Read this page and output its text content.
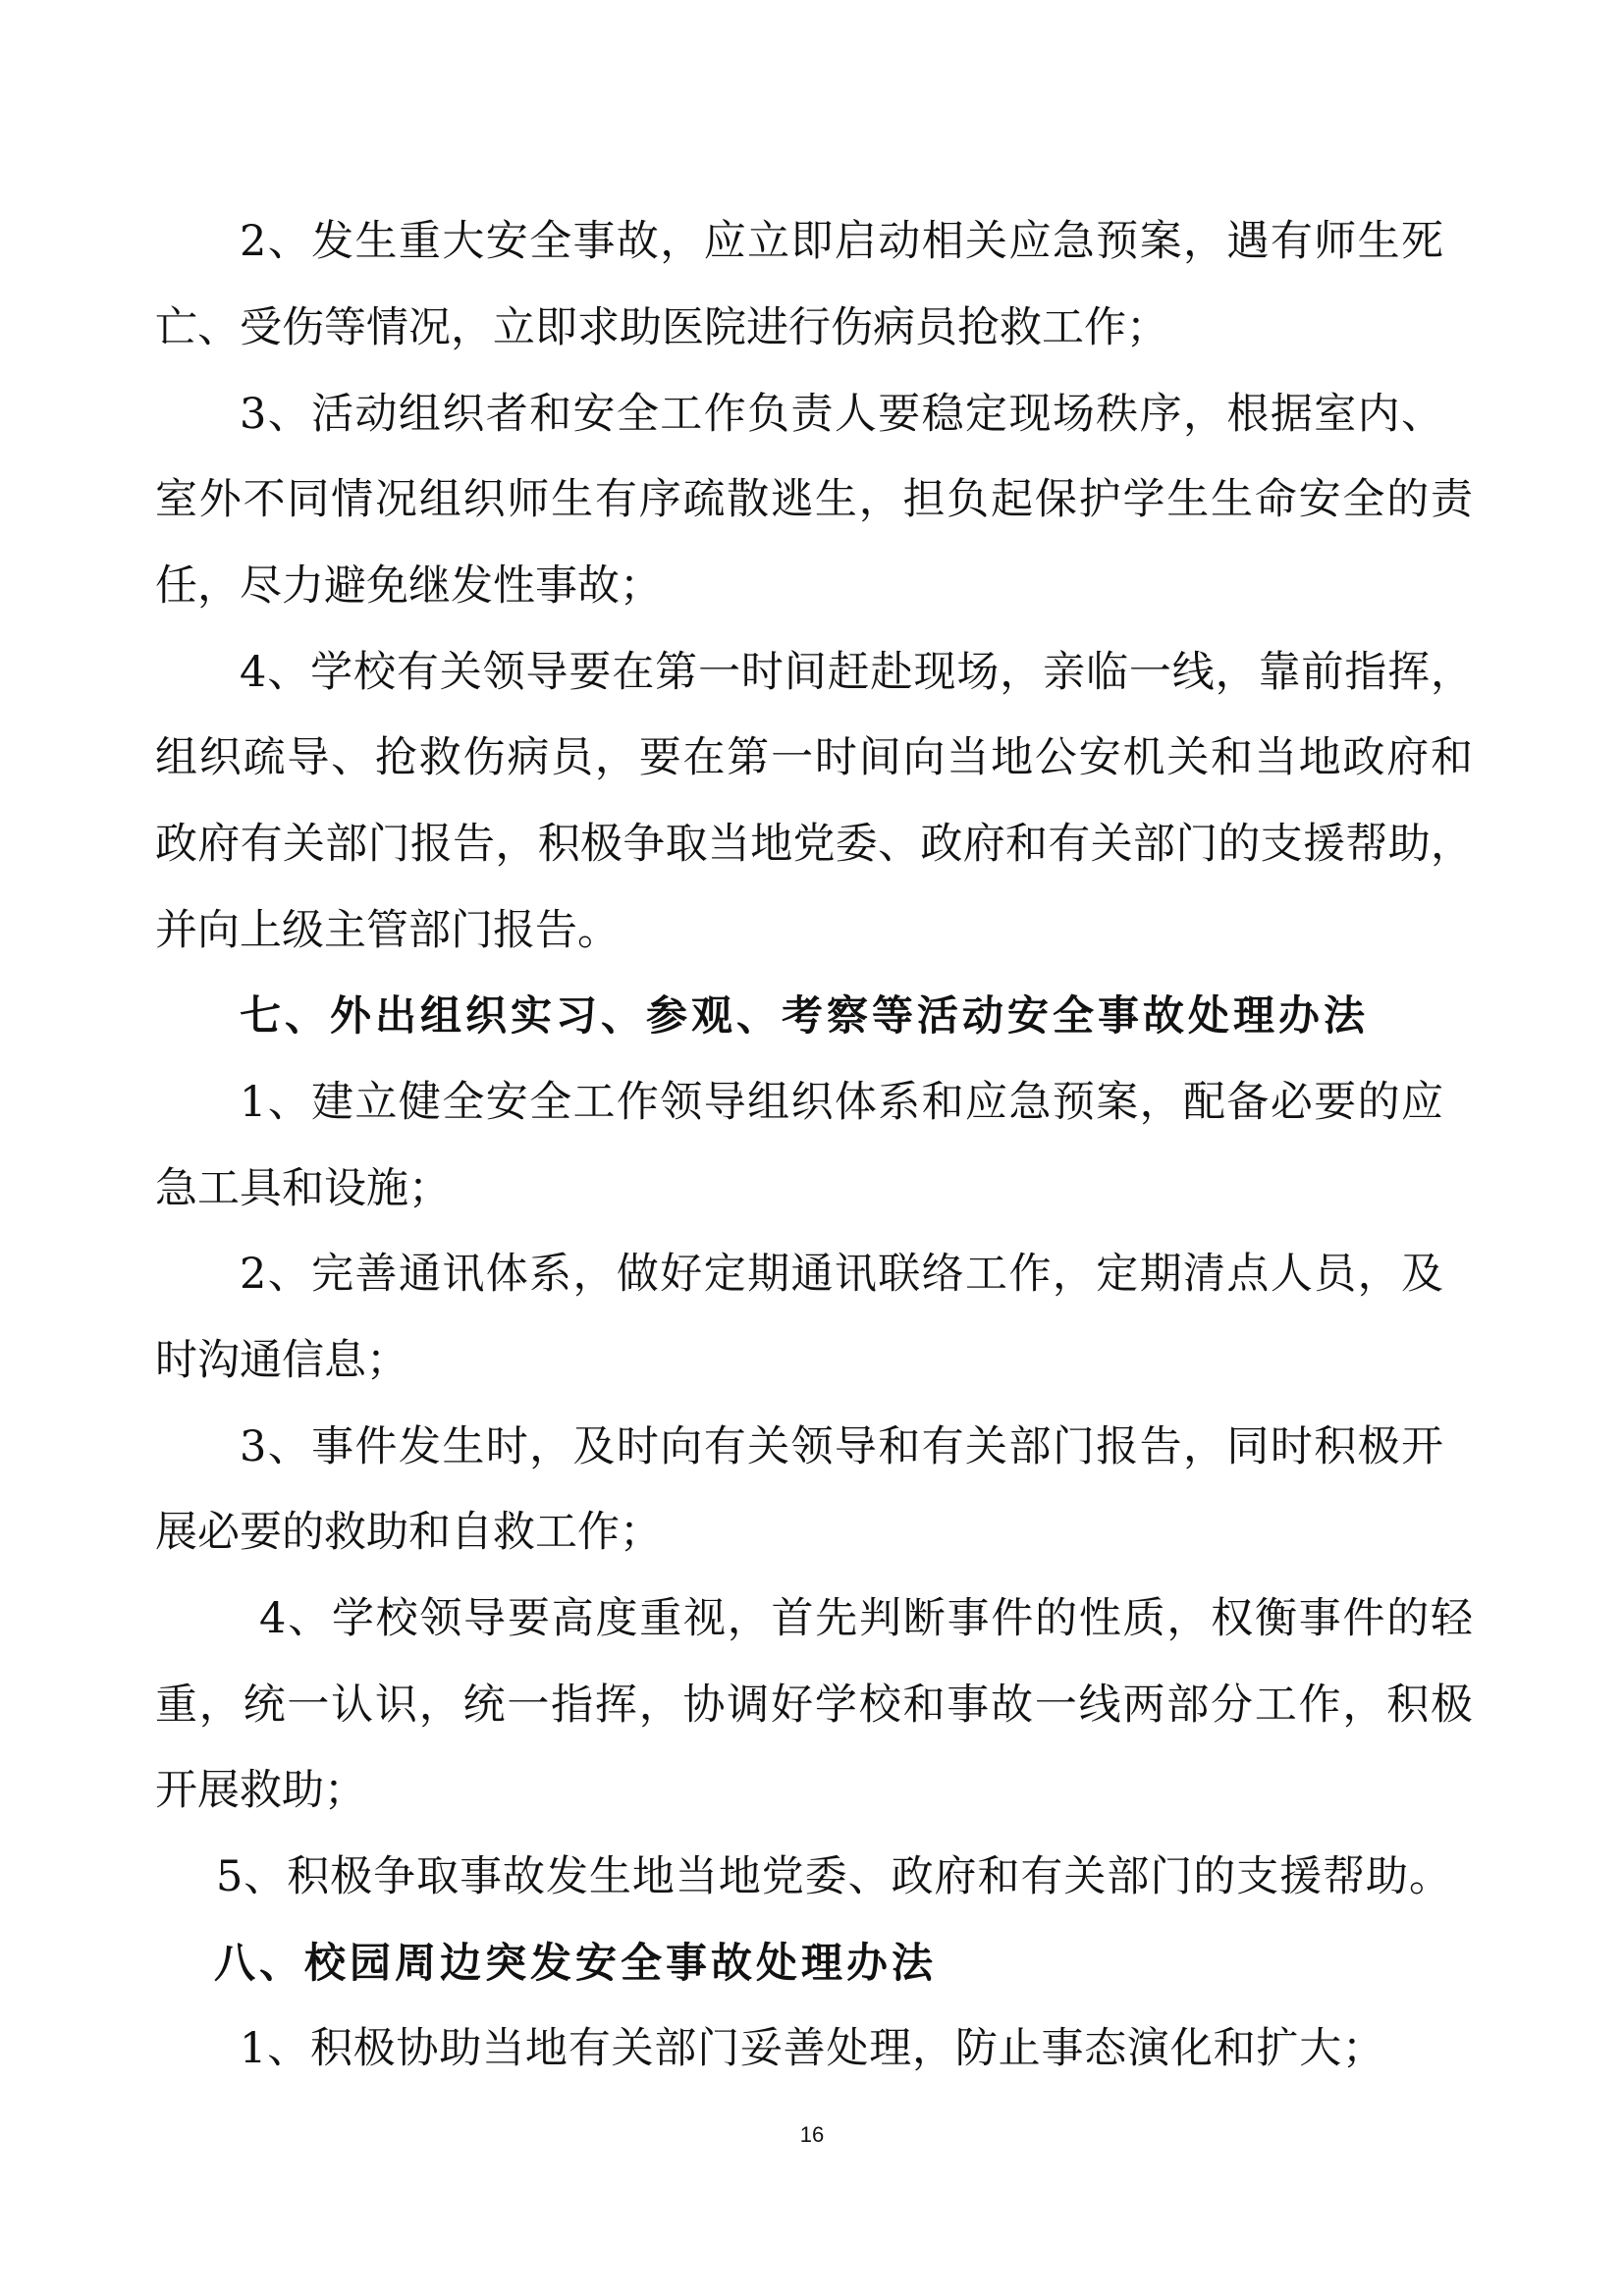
2、发生重大安全事故，应立即启动相关应急预案，遇有师生死
亡、受伤等情况，立即求助医院进行伤病员抢救工作；
3、活动组织者和安全工作负责人要稳定现场秩序，根据室内、
室外不同情况组织师生有序疏散逃生，担负起保护学生生命安全的责
任，尽力避免继发性事故；
4、学校有关领导要在第一时间赶赴现场，亲临一线，靠前指挥，
组织疏导、抢救伤病员，要在第一时间向当地公安机关和当地政府和
政府有关部门报告，积极争取当地党委、政府和有关部门的支援帮助，
并向上级主管部门报告。
七、外出组织实习、参观、考察等活动安全事故处理办法
1、建立健全安全工作领导组织体系和应急预案，配备必要的应
急工具和设施；
2、完善通讯体系，做好定期通讯联络工作，定期清点人员，及
时沟通信息；
3、事件发生时，及时向有关领导和有关部门报告，同时积极开
展必要的救助和自救工作；
4、学校领导要高度重视，首先判断事件的性质，权衡事件的轻
重，统一认识，统一指挥，协调好学校和事故一线两部分工作，积极
开展救助；
5、积极争取事故发生地当地党委、政府和有关部门的支援帮助。
八、校园周边突发安全事故处理办法
1、积极协助当地有关部门妥善处理，防止事态演化和扩大；
16
